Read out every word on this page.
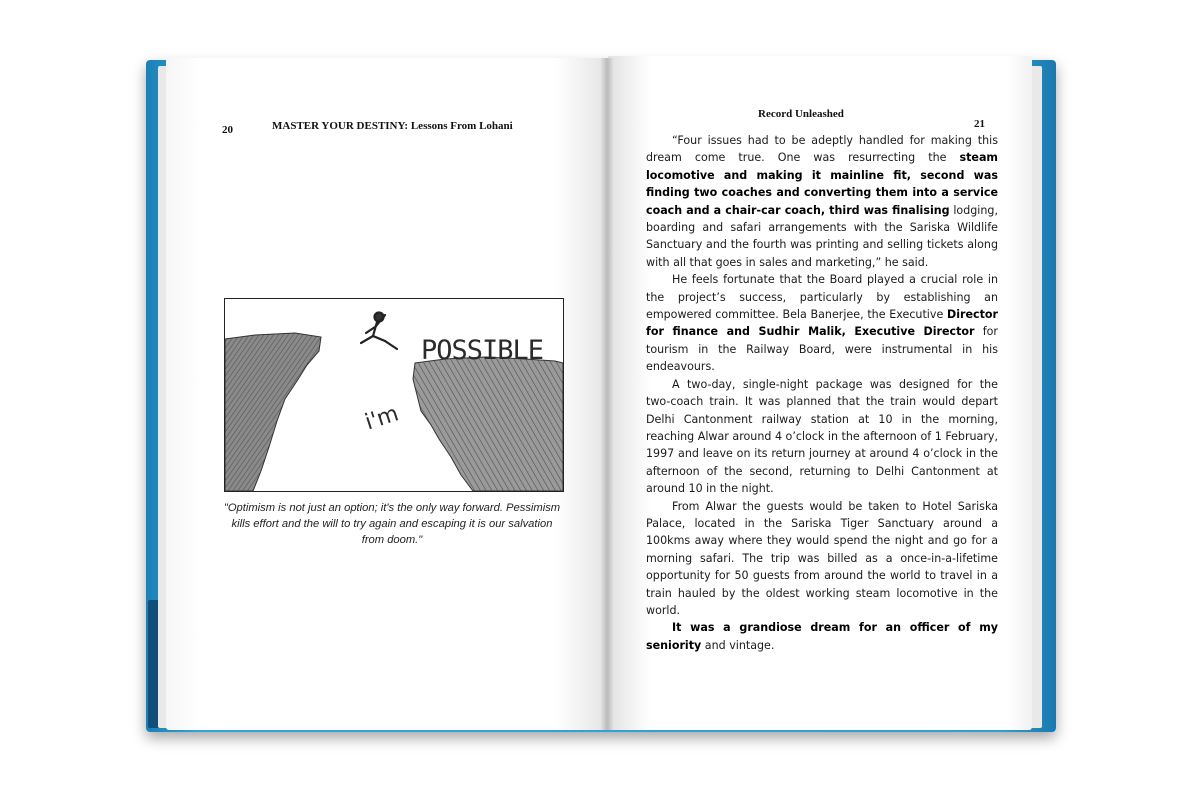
20	MASTER YOUR DESTINY: Lessons From Lohani
POSSIBLE
i'm
"Optimism is not just an option; it's the only way forward. Pessimism kills effort and the will to try again and escaping it is our salvation from doom."
Record Unleashed
21

“Four issues had to be adeptly handled for making this dream come true. One was resurrecting the steam locomotive and making it mainline fit, second was finding two coaches and converting them into a service coach and a chair-car coach, third was finalising lodging, boarding and safari arrangements with the Sariska Wildlife Sanctuary and the fourth was printing and selling tickets along with all that goes in sales and marketing,” he said.

He feels fortunate that the Board played a crucial role in the project’s success, particularly by establishing an empowered committee. Bela Banerjee, the Executive Director for finance and Sudhir Malik, Executive Director for tourism in the Railway Board, were instrumental in his endeavours.

A two-day, single-night package was designed for the two-coach train. It was planned that the train would depart Delhi Cantonment railway station at 10 in the morning, reaching Alwar around 4 o’clock in the afternoon of 1 February, 1997 and leave on its return journey at around 4 o’clock in the afternoon of the second, returning to Delhi Cantonment at around 10 in the night.

From Alwar the guests would be taken to Hotel Sariska Palace, located in the Sariska Tiger Sanctuary around a 100kms away where they would spend the night and go for a morning safari. The trip was billed as a once-in-a-lifetime opportunity for 50 guests from around the world to travel in a train hauled by the oldest working steam locomotive in the world.

It was a grandiose dream for an officer of my seniority and vintage.
